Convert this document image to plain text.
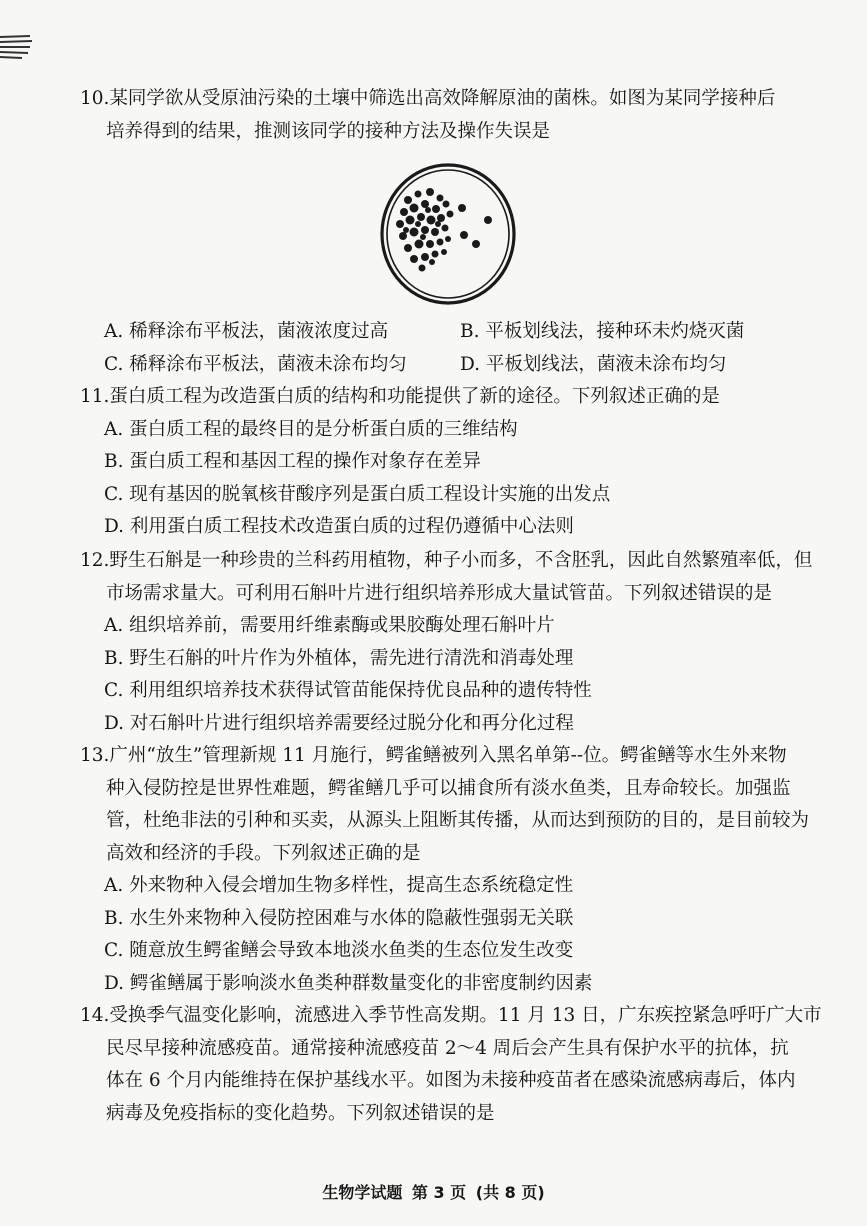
10.某同学欲从受原油污染的土壤中筛选出高效降解原油的菌株。如图为某同学接种后

培养得到的结果，推测该同学的接种方法及操作失误是

A. 稀释涂布平板法，菌液浓度过高	B. 平板划线法，接种环未灼烧灭菌

C. 稀释涂布平板法，菌液未涂布均匀	D. 平板划线法，菌液未涂布均匀

11.蛋白质工程为改造蛋白质的结构和功能提供了新的途径。下列叙述正确的是

A. 蛋白质工程的最终目的是分析蛋白质的三维结构

B. 蛋白质工程和基因工程的操作对象存在差异

C. 现有基因的脱氧核苷酸序列是蛋白质工程设计实施的出发点

D. 利用蛋白质工程技术改造蛋白质的过程仍遵循中心法则

12.野生石斛是一种珍贵的兰科药用植物，种子小而多，不含胚乳，因此自然繁殖率低，但

市场需求量大。可利用石斛叶片进行组织培养形成大量试管苗。下列叙述错误的是

A. 组织培养前，需要用纤维素酶或果胶酶处理石斛叶片

B. 野生石斛的叶片作为外植体，需先进行清洗和消毒处理

C. 利用组织培养技术获得试管苗能保持优良品种的遗传特性

D. 对石斛叶片进行组织培养需要经过脱分化和再分化过程

13.广州“放生”管理新规 11 月施行，鳄雀鳝被列入黑名单第--位。鳄雀鳝等水生外来物

种入侵防控是世界性难题，鳄雀鳝几乎可以捕食所有淡水鱼类，且寿命较长。加强监

管，杜绝非法的引种和买卖，从源头上阻断其传播，从而达到预防的目的，是目前较为

高效和经济的手段。下列叙述正确的是

A. 外来物种入侵会增加生物多样性，提高生态系统稳定性

B. 水生外来物种入侵防控困难与水体的隐蔽性强弱无关联

C. 随意放生鳄雀鳝会导致本地淡水鱼类的生态位发生改变

D. 鳄雀鳝属于影响淡水鱼类种群数量变化的非密度制约因素

14.受换季气温变化影响，流感进入季节性高发期。11 月 13 日，广东疾控紧急呼吁广大市

民尽早接种流感疫苗。通常接种流感疫苗 2～4 周后会产生具有保护水平的抗体，抗

体在 6 个月内能维持在保护基线水平。如图为未接种疫苗者在感染流感病毒后，体内

病毒及免疫指标的变化趋势。下列叙述错误的是

生物学试题 第 3 页 (共 8 页)
